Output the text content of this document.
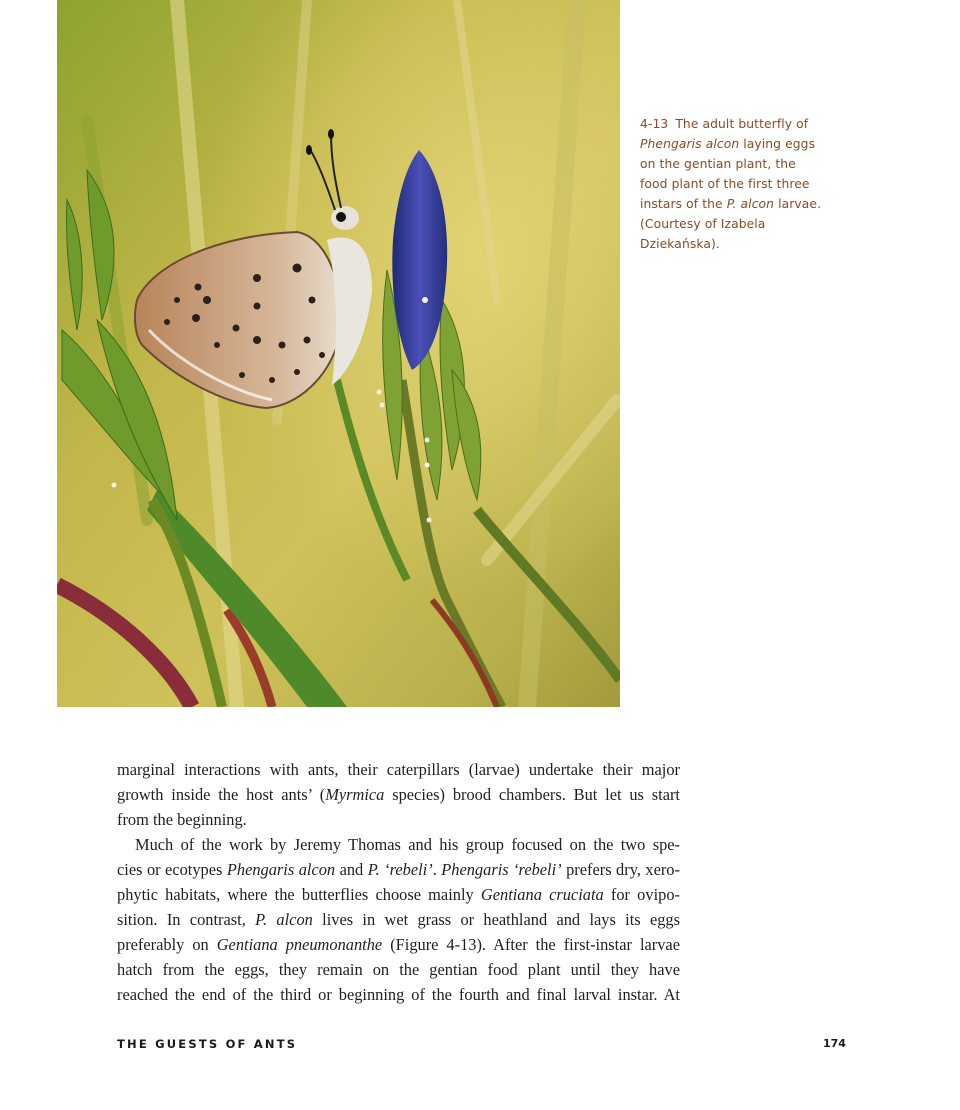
4-13 The adult butterfly of
Phengaris alcon laying eggs
on the gentian plant, the
food plant of the first three
instars of the P. alcon larvae.
(Courtesy of Izabela
Dziekańska).

marginal interactions with ants, their caterpillars (larvae) undertake their major
growth inside the host ants’ (Myrmica species) brood chambers. But let us start
from the beginning.

Much of the work by Jeremy Thomas and his group focused on the two spe-
cies or ecotypes Phengaris alcon and P. ‘rebeli’. Phengaris ‘rebeli’ prefers dry, xero-
phytic habitats, where the butterflies choose mainly Gentiana cruciata for ovipo-
sition. In contrast, P. alcon lives in wet grass or heathland and lays its eggs
preferably on Gentiana pneumonanthe (Figure 4-13). After the first-instar larvae
hatch from the eggs, they remain on the gentian food plant until they have
reached the end of the third or beginning of the fourth and final larval instar. At

THE GUESTS OF ANTS	174
